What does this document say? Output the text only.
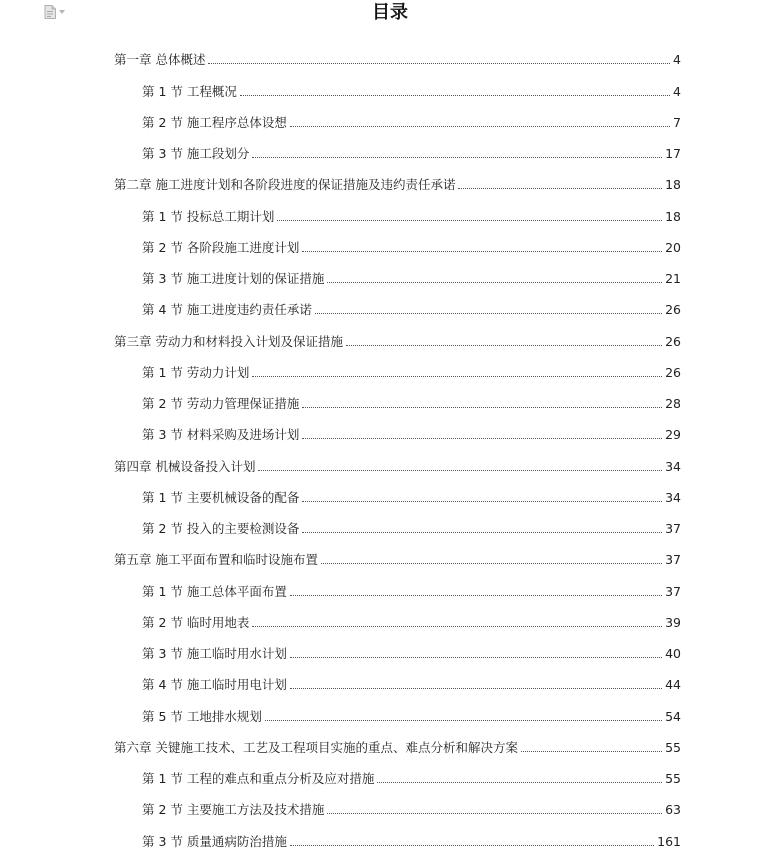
目录
第一章 总体概述	4
第 1 节 工程概况	4
第 2 节 施工程序总体设想	7
第 3 节 施工段划分	17
第二章 施工进度计划和各阶段进度的保证措施及违约责任承诺	18
第 1 节 投标总工期计划	18
第 2 节 各阶段施工进度计划	20
第 3 节 施工进度计划的保证措施	21
第 4 节 施工进度违约责任承诺	26
第三章 劳动力和材料投入计划及保证措施	26
第 1 节 劳动力计划	26
第 2 节 劳动力管理保证措施	28
第 3 节 材料采购及进场计划	29
第四章 机械设备投入计划	34
第 1 节 主要机械设备的配备	34
第 2 节 投入的主要检测设备	37
第五章 施工平面布置和临时设施布置	37
第 1 节 施工总体平面布置	37
第 2 节 临时用地表	39
第 3 节 施工临时用水计划	40
第 4 节 施工临时用电计划	44
第 5 节 工地排水规划	54
第六章 关键施工技术、工艺及工程项目实施的重点、难点分析和解决方案	55
第 1 节 工程的难点和重点分析及应对措施	55
第 2 节 主要施工方法及技术措施	63
第 3 节 质量通病防治措施	161
